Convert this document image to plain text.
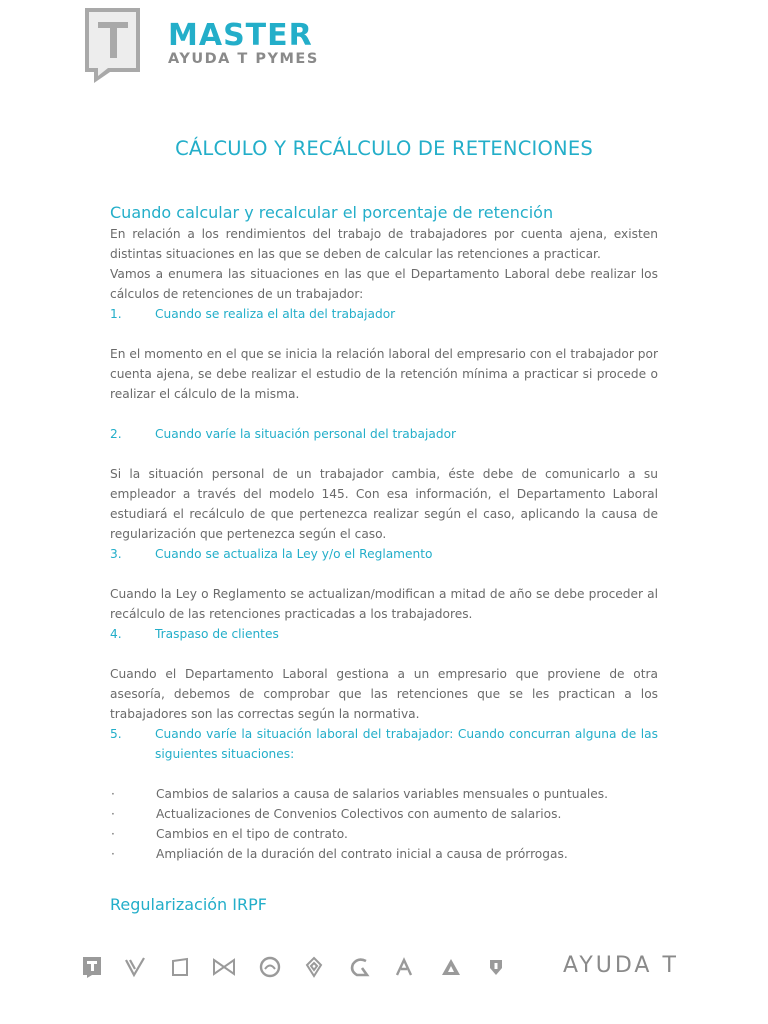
MASTER
AYUDA T PYMES
CÁLCULO Y RECÁLCULO DE RETENCIONES
Cuando calcular y recalcular el porcentaje de retención
En relación a los rendimientos del trabajo de trabajadores por cuenta ajena, existen distintas situaciones en las que se deben de calcular las retenciones a practicar.
Vamos a enumera las situaciones en las que el Departamento Laboral debe realizar los cálculos de retenciones de un trabajador:
1.	Cuando se realiza el alta del trabajador
En el momento en el que se inicia la relación laboral del empresario con el trabajador por cuenta ajena, se debe realizar el estudio de la retención mínima a practicar si procede o realizar el cálculo de la misma.
2.	Cuando varíe la situación personal del trabajador
Si la situación personal de un trabajador cambia, éste debe de comunicarlo a su empleador a través del modelo 145. Con esa información, el Departamento Laboral estudiará el recálculo de que pertenezca realizar según el caso, aplicando la causa de regularización que pertenezca según el caso.
3.	Cuando se actualiza la Ley y/o el Reglamento
Cuando la Ley o Reglamento se actualizan/modifican a mitad de año se debe proceder al recálculo de las retenciones practicadas a los trabajadores.
4.	Traspaso de clientes
Cuando el Departamento Laboral gestiona a un empresario que proviene de otra asesoría, debemos de comprobar que las retenciones que se les practican a los trabajadores son las correctas según la normativa.
5.	Cuando varíe la situación laboral del trabajador: Cuando concurran alguna de las siguientes situaciones:
·	Cambios de salarios a causa de salarios variables mensuales o puntuales.
·	Actualizaciones de Convenios Colectivos con aumento de salarios.
·	Cambios en el tipo de contrato.
·	Ampliación de la duración del contrato inicial a causa de prórrogas.
Regularización IRPF
AYUDA T
